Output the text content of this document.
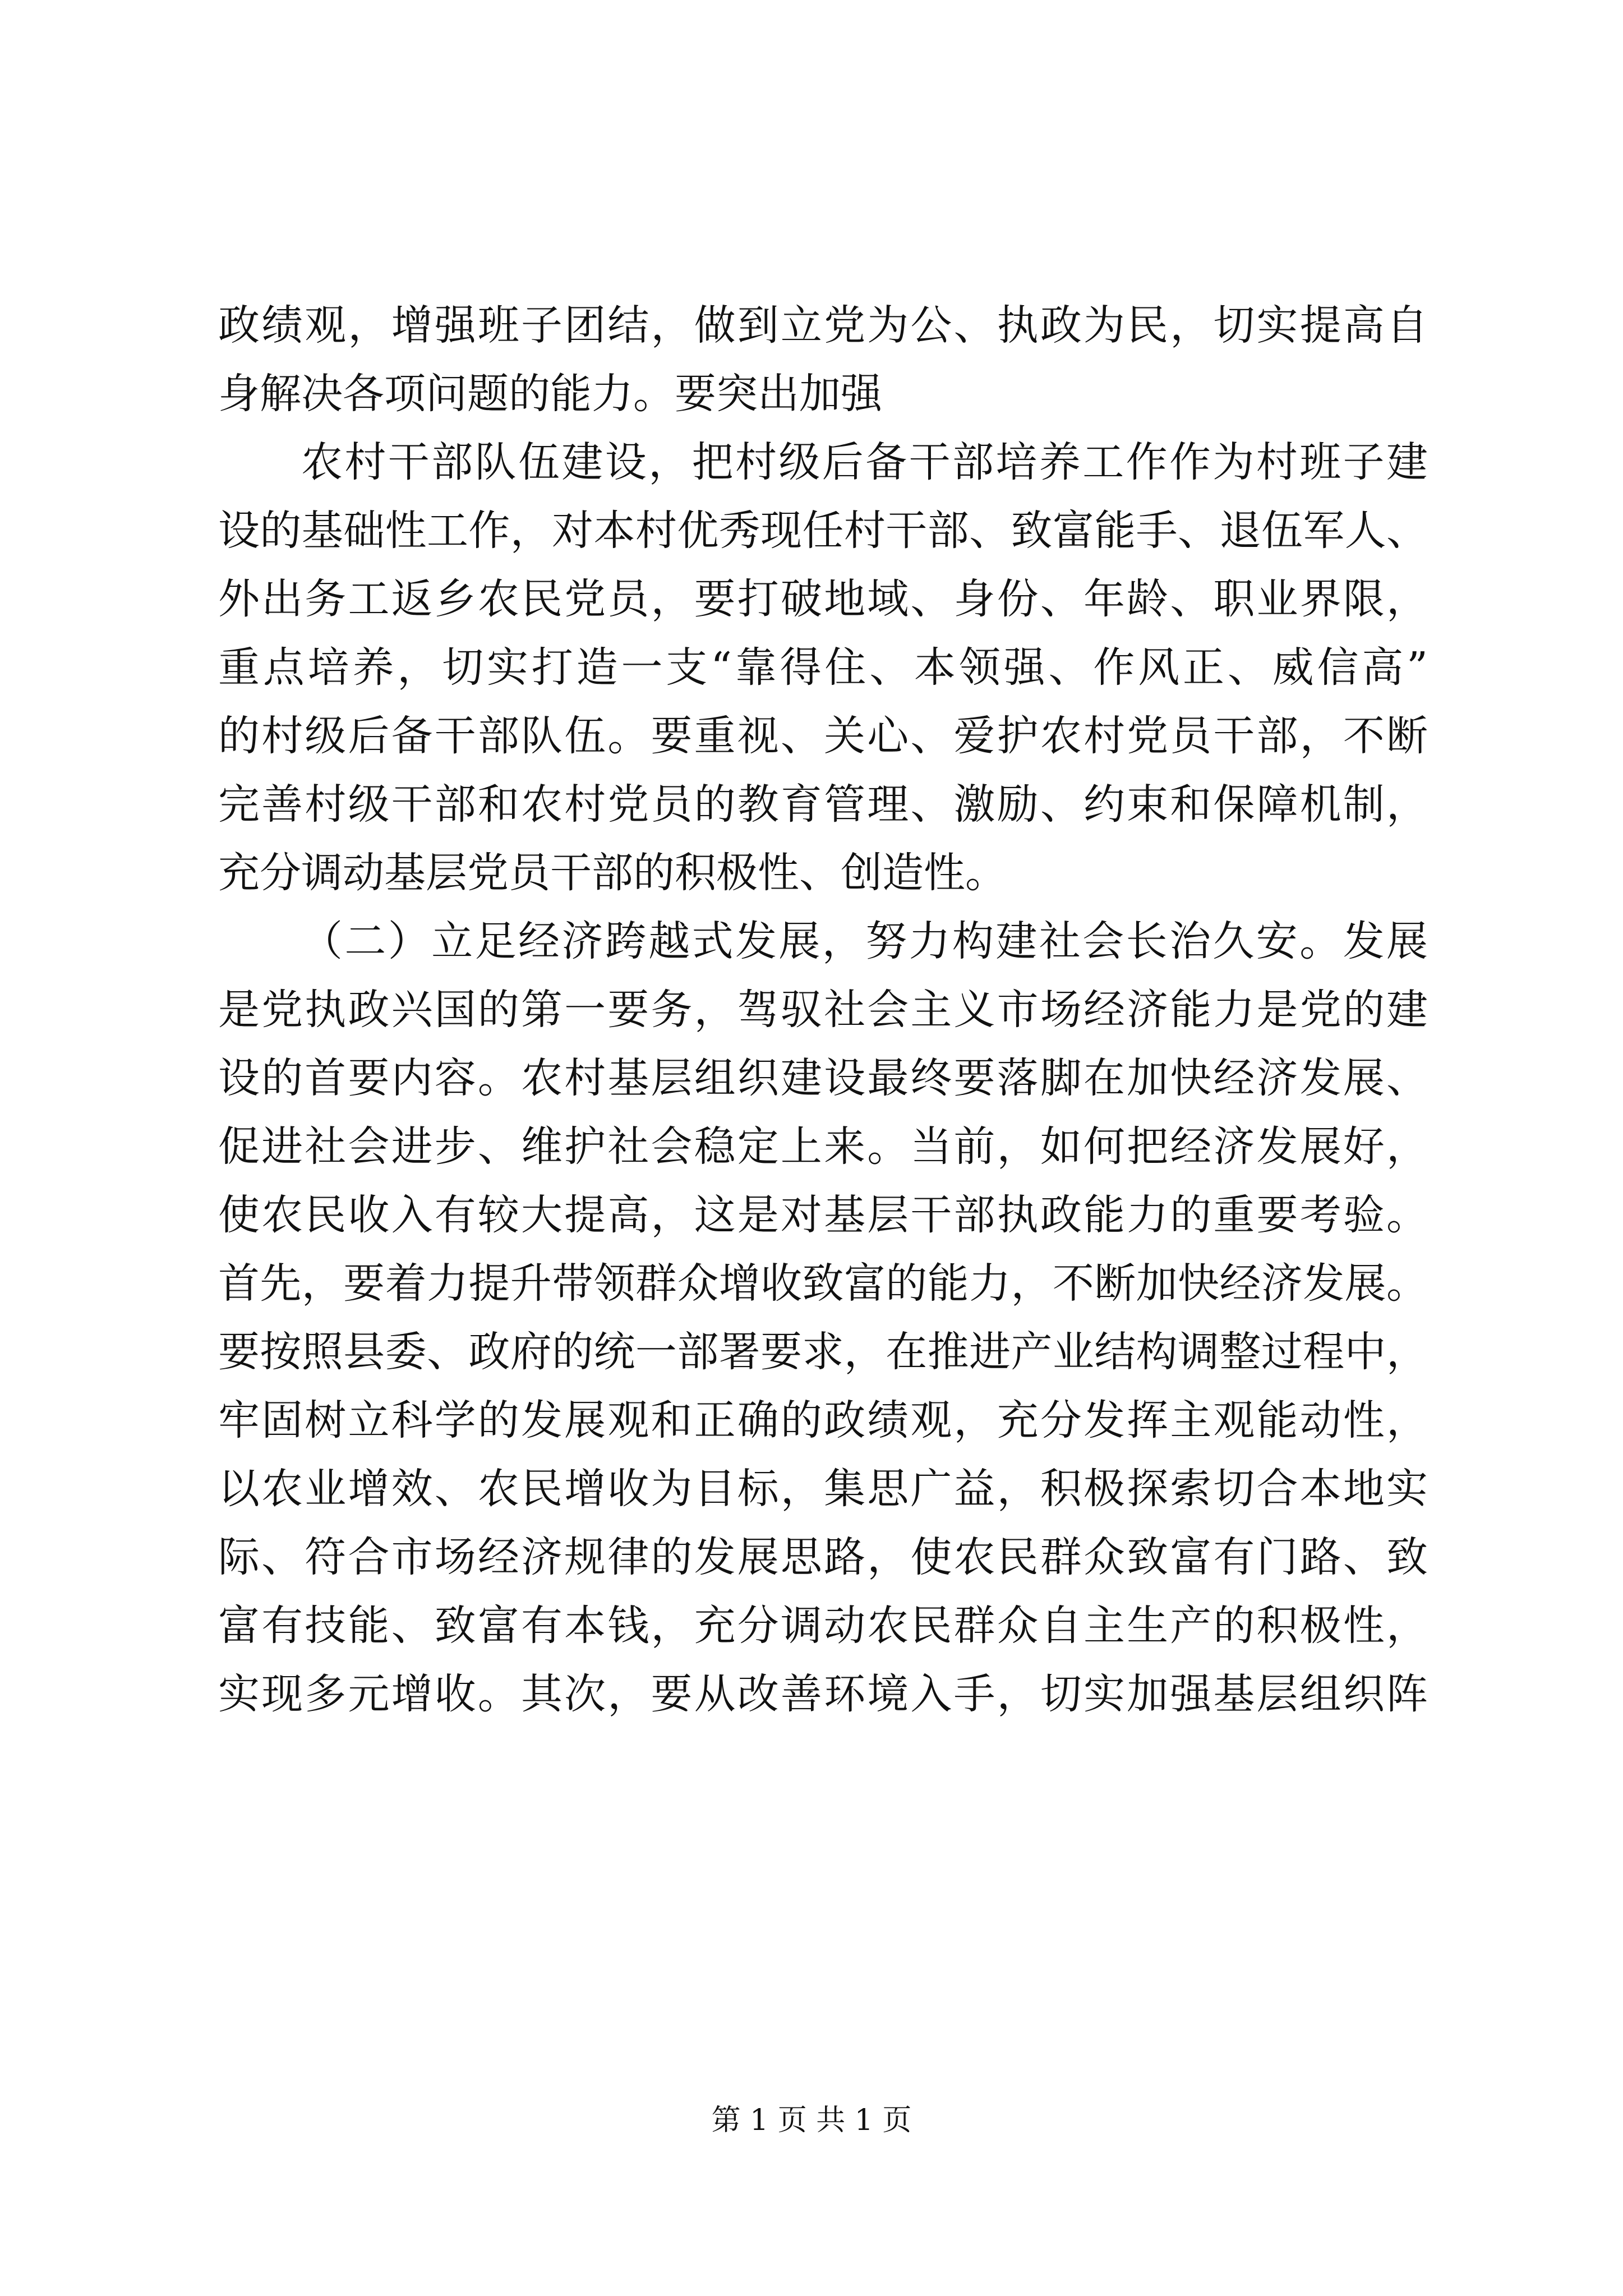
政绩观，增强班子团结，做到立党为公、执政为民，切实提高自
身解决各项问题的能力。要突出加强
农村干部队伍建设，把村级后备干部培养工作作为村班子建
设的基础性工作，对本村优秀现任村干部、致富能手、退伍军人、
外出务工返乡农民党员，要打破地域、身份、年龄、职业界限，
重点培养，切实打造一支“靠得住、本领强、作风正、威信高”
的村级后备干部队伍。要重视、关心、爱护农村党员干部，不断
完善村级干部和农村党员的教育管理、激励、约束和保障机制，
充分调动基层党员干部的积极性、创造性。
（二）立足经济跨越式发展，努力构建社会长治久安。发展
是党执政兴国的第一要务，驾驭社会主义市场经济能力是党的建
设的首要内容。农村基层组织建设最终要落脚在加快经济发展、
促进社会进步、维护社会稳定上来。当前，如何把经济发展好，
使农民收入有较大提高，这是对基层干部执政能力的重要考验。
首先，要着力提升带领群众增收致富的能力，不断加快经济发展。
要按照县委、政府的统一部署要求，在推进产业结构调整过程中，
牢固树立科学的发展观和正确的政绩观，充分发挥主观能动性，
以农业增效、农民增收为目标，集思广益，积极探索切合本地实
际、符合市场经济规律的发展思路，使农民群众致富有门路、致
富有技能、致富有本钱，充分调动农民群众自主生产的积极性，
实现多元增收。其次，要从改善环境入手，切实加强基层组织阵
第 1 页 共 1 页
